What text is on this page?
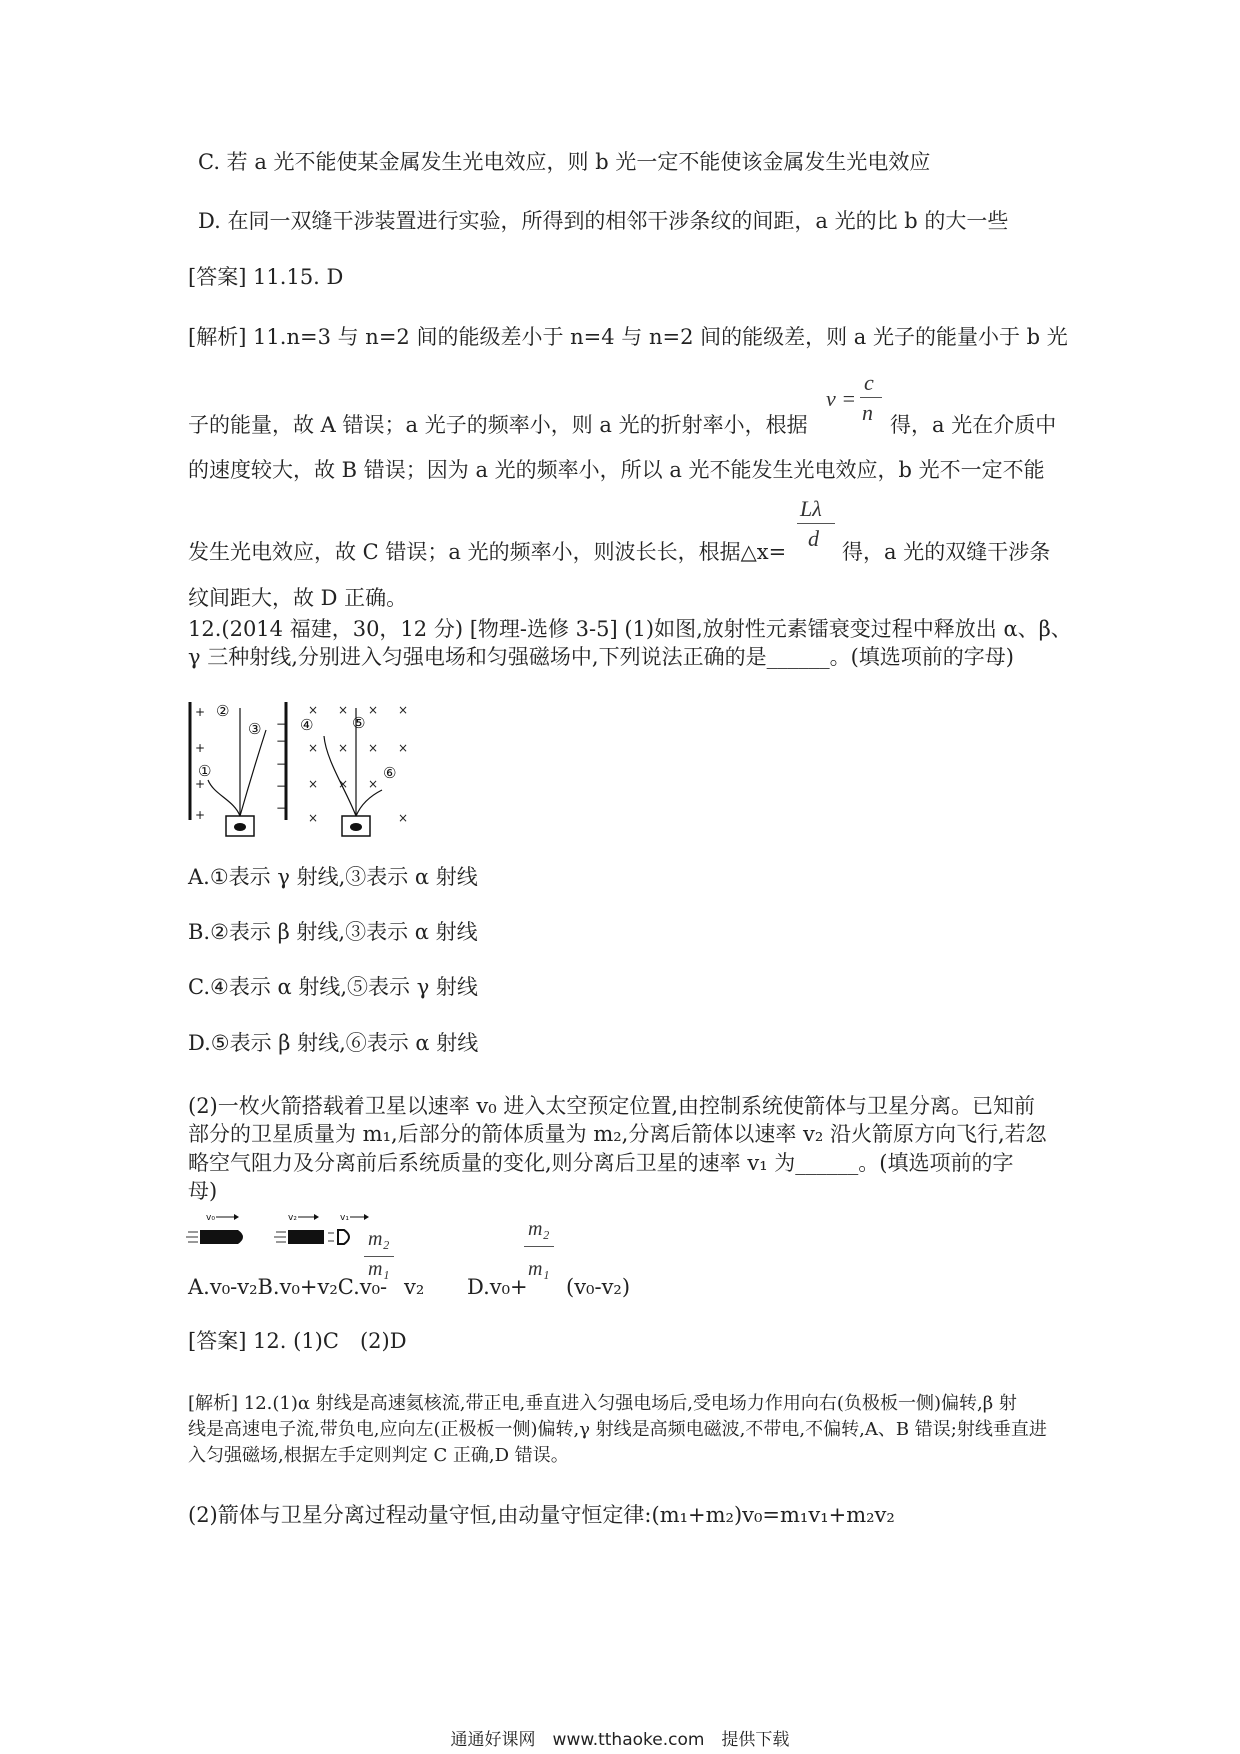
C. 若 a 光不能使某金属发生光电效应，则 b 光一定不能使该金属发生光电效应
D. 在同一双缝干涉装置进行实验，所得到的相邻干涉条纹的间距，a 光的比 b 的大一些
[答案] 11.15. D
[解析] 11.n=3 与 n=2 间的能级差小于 n=4 与 n=2 间的能级差，则 a 光子的能量小于 b 光
v =
c
n
子的能量，故 A 错误；a 光子的频率小，则 a 光的折射率小，根据	得，a 光在介质中
的速度较大，故 B 错误；因为 a 光的频率小，所以 a 光不能发生光电效应，b 光不一定不能
Lλ
d
发生光电效应，故 C 错误；a 光的频率小，则波长长，根据△x=	得，a 光的双缝干涉条
纹间距大，故 D 正确。
12.(2014 福建，30，12 分) [物理-选修 3-5] (1)如图,放射性元素镭衰变过程中释放出 α、β、
γ 三种射线,分别进入匀强电场和匀强磁场中,下列说法正确的是______。(填选项前的字母)
+
+
+
+
−
−
−
−
−
①
②
③
× × × ×
× × × ×
× × ×
×	×
④	⑤
⑥
A.①表示 γ 射线,③表示 α 射线
B.②表示 β 射线,③表示 α 射线
C.④表示 α 射线,⑤表示 γ 射线
D.⑤表示 β 射线,⑥表示 α 射线
(2)一枚火箭搭载着卫星以速率 v₀ 进入太空预定位置,由控制系统使箭体与卫星分离。已知前
部分的卫星质量为 m₁,后部分的箭体质量为 m₂,分离后箭体以速率 v₂ 沿火箭原方向飞行,若忽
略空气阻力及分离前后系统质量的变化,则分离后卫星的速率 v₁ 为______。(填选项前的字
母)
v₀	v₂	v₁
A.v₀-v₂B.v₀+v₂C.v₀-
m₂
m₁
v₂ D.v₀+
m₂
m₁
(v₀-v₂)
[答案] 12. (1)C　(2)D
[解析] 12.(1)α 射线是高速氦核流,带正电,垂直进入匀强电场后,受电场力作用向右(负极板一侧)偏转,β 射
线是高速电子流,带负电,应向左(正极板一侧)偏转,γ 射线是高频电磁波,不带电,不偏转,A、B 错误;射线垂直进
入匀强磁场,根据左手定则判定 C 正确,D 错误。
(2)箭体与卫星分离过程动量守恒,由动量守恒定律:(m₁+m₂)v₀=m₁v₁+m₂v₂
通通好课网　www.tthaoke.com　提供下载
